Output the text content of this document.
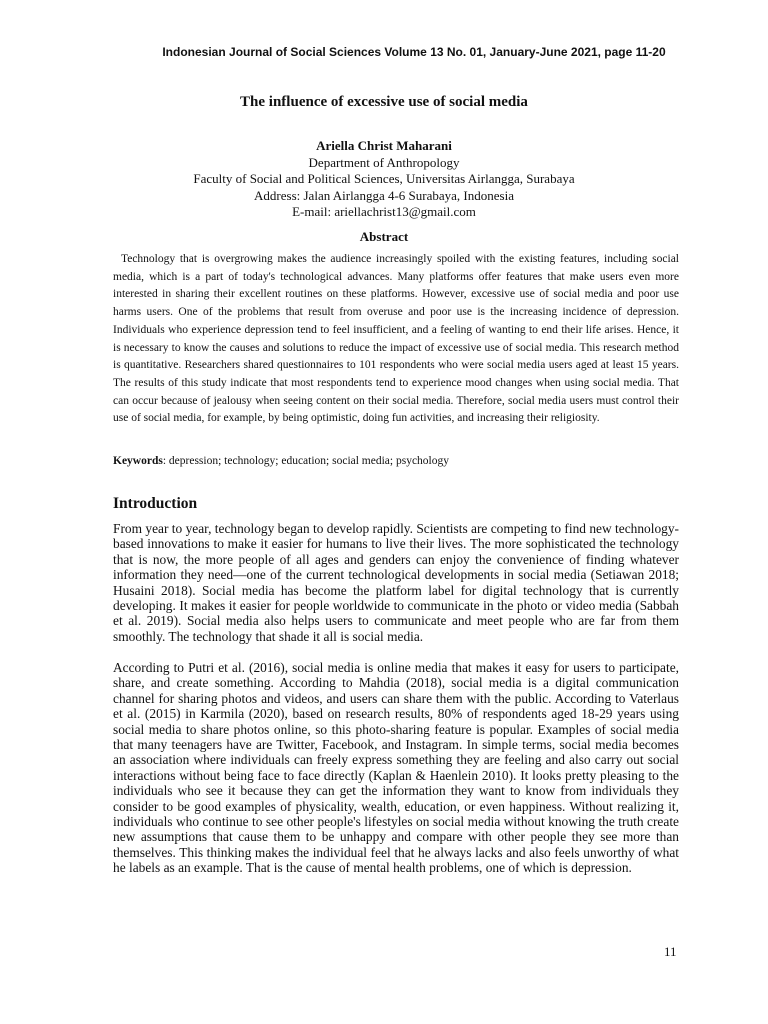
Indonesian Journal of Social Sciences Volume 13 No. 01, January-June 2021, page 11-20
The influence of excessive use of social media
Ariella Christ Maharani
Department of Anthropology
Faculty of Social and Political Sciences, Universitas Airlangga, Surabaya
Address: Jalan Airlangga 4-6 Surabaya, Indonesia
E-mail: ariellachrist13@gmail.com
Abstract

Technology that is overgrowing makes the audience increasingly spoiled with the existing features, including social media, which is a part of today's technological advances. Many platforms offer features that make users even more interested in sharing their excellent routines on these platforms. However, excessive use of social media and poor use harms users. One of the problems that result from overuse and poor use is the increasing incidence of depression. Individuals who experience depression tend to feel insufficient, and a feeling of wanting to end their life arises. Hence, it is necessary to know the causes and solutions to reduce the impact of excessive use of social media. This research method is quantitative. Researchers shared questionnaires to 101 respondents who were social media users aged at least 15 years. The results of this study indicate that most respondents tend to experience mood changes when using social media. That can occur because of jealousy when seeing content on their social media. Therefore, social media users must control their use of social media, for example, by being optimistic, doing fun activities, and increasing their religiosity.

Keywords: depression; technology; education; social media; psychology

Introduction

From year to year, technology began to develop rapidly. Scientists are competing to find new technology-based innovations to make it easier for humans to live their lives. The more sophisticated the technology that is now, the more people of all ages and genders can enjoy the convenience of finding whatever information they need—one of the current technological developments in social media (Setiawan 2018; Husaini 2018). Social media has become the platform label for digital technology that is currently developing. It makes it easier for people worldwide to communicate in the photo or video media (Sabbah et al. 2019). Social media also helps users to communicate and meet people who are far from them smoothly. The technology that shade it all is social media.

According to Putri et al. (2016), social media is online media that makes it easy for users to participate, share, and create something. According to Mahdia (2018), social media is a digital communication channel for sharing photos and videos, and users can share them with the public. According to Vaterlaus et al. (2015) in Karmila (2020), based on research results, 80% of respondents aged 18-29 years using social media to share photos online, so this photo-sharing feature is popular. Examples of social media that many teenagers have are Twitter, Facebook, and Instagram. In simple terms, social media becomes an association where individuals can freely express something they are feeling and also carry out social interactions without being face to face directly (Kaplan & Haenlein 2010). It looks pretty pleasing to the individuals who see it because they can get the information they want to know from individuals they consider to be good examples of physicality, wealth, education, or even happiness. Without realizing it, individuals who continue to see other people's lifestyles on social media without knowing the truth create new assumptions that cause them to be unhappy and compare with other people they see more than themselves. This thinking makes the individual feel that he always lacks and also feels unworthy of what he labels as an example. That is the cause of mental health problems, one of which is depression.

11
